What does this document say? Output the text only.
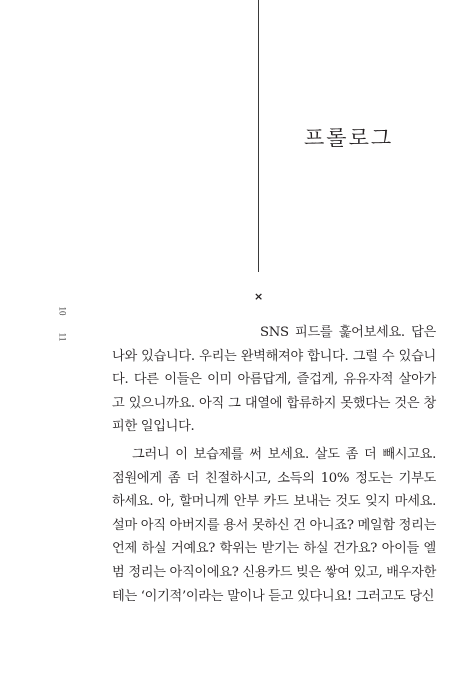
프롤로그
×
10
11	SNS 피드를 훑어보세요. 답은 나와 있습니다. 우리는 완벽해져야 합니다. 그럴 수 있습니다. 다른 이들은 이미 아름답게, 즐겁게, 유유자적 살아가고 있으니까요. 아직 그 대열에 합류하지 못했다는 것은 창피한 일입니다.

그러니 이 보습제를 써 보세요. 살도 좀 더 빼시고요. 점원에게 좀 더 친절하시고, 소득의 10% 정도는 기부도 하세요. 아, 할머니께 안부 카드 보내는 것도 잊지 마세요. 설마 아직 아버지를 용서 못하신 건 아니죠? 메일함 정리는 언제 하실 거예요? 학위는 받기는 하실 건가요? 아이들 엘범 정리는 아직이에요? 신용카드 빚은 쌓여 있고, 배우자한테는 ‘이기적’이라는 말이나 듣고 있다니요! 그러고도 당신
